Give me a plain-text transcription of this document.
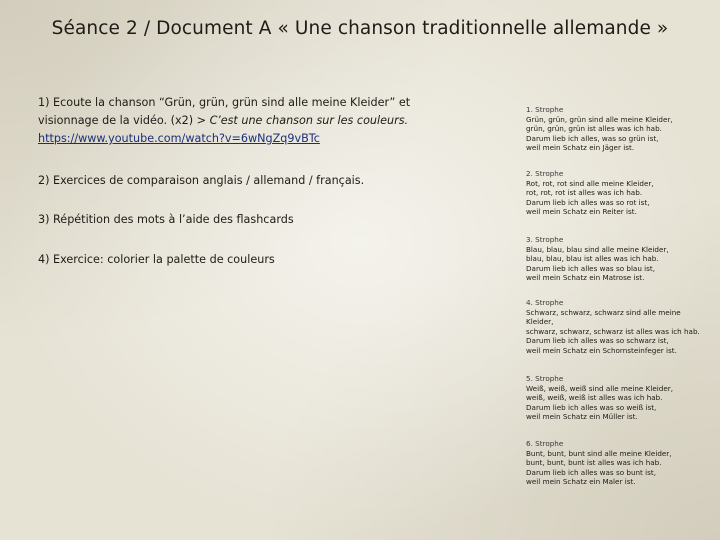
Séance 2 / Document A « Une chanson traditionnelle allemande »
1) Ecoute la chanson “Grün, grün, grün sind alle meine Kleider” et
visionnage de la vidéo. (x2) > C’est une chanson sur les couleurs.
https://www.youtube.com/watch?v=6wNgZq9vBTc
2) Exercices de comparaison anglais / allemand / français.
3) Répétition des mots à l’aide des flashcards
4) Exercice: colorier la palette de couleurs
1. Strophe
Grün, grün, grün sind alle meine Kleider,
grün, grün, grün ist alles was ich hab.
Darum lieb ich alles, was so grün ist,
weil mein Schatz ein Jäger ist.
2. Strophe
Rot, rot, rot sind alle meine Kleider,
rot, rot, rot ist alles was ich hab.
Darum lieb ich alles was so rot ist,
weil mein Schatz ein Reiter ist.
3. Strophe
Blau, blau, blau sind alle meine Kleider,
blau, blau, blau ist alles was ich hab.
Darum lieb ich alles was so blau ist,
weil mein Schatz ein Matrose ist.
4. Strophe
Schwarz, schwarz, schwarz sind alle meine
Kleider,
schwarz, schwarz, schwarz ist alles was ich hab.
Darum lieb ich alles was so schwarz ist,
weil mein Schatz ein Schornsteinfeger ist.
5. Strophe
Weiß, weiß, weiß sind alle meine Kleider,
weiß, weiß, weiß ist alles was ich hab.
Darum lieb ich alles was so weiß ist,
weil mein Schatz ein Müller ist.
6. Strophe
Bunt, bunt, bunt sind alle meine Kleider,
bunt, bunt, bunt ist alles was ich hab.
Darum lieb ich alles was so bunt ist,
weil mein Schatz ein Maler ist.
